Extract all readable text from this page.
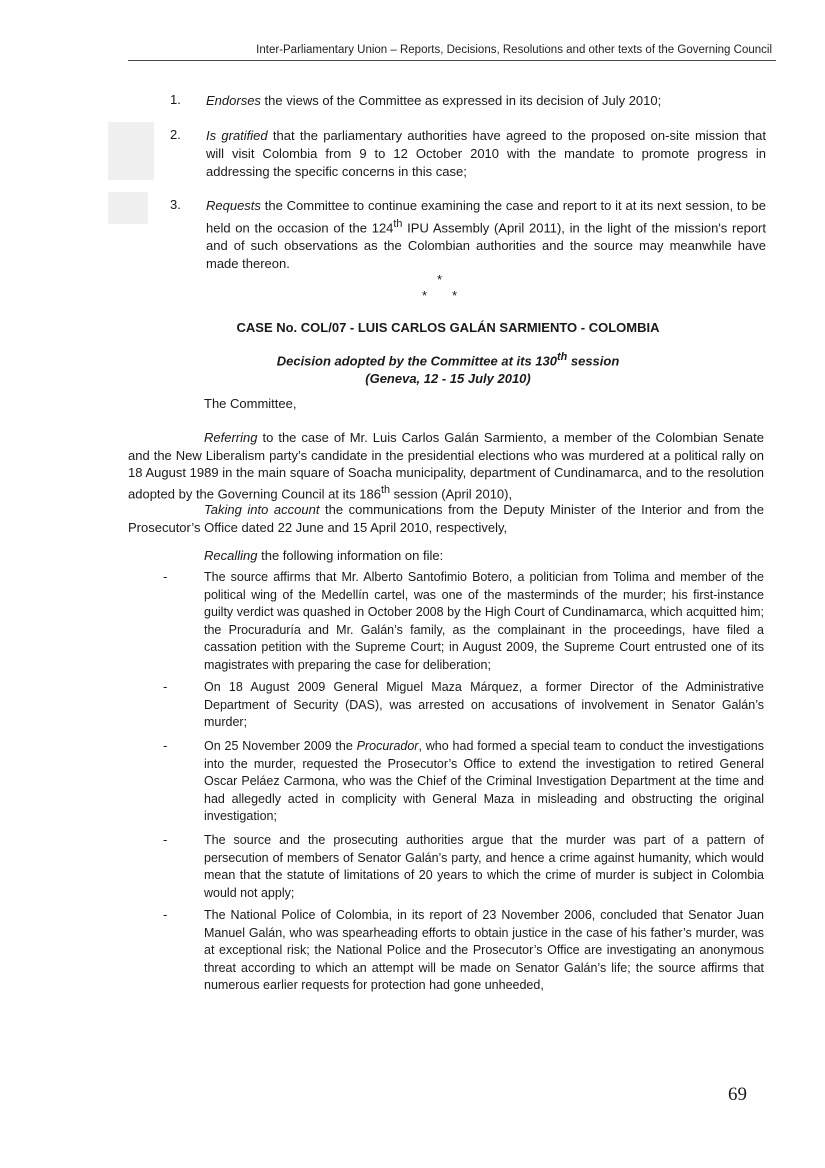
Inter-Parliamentary Union – Reports, Decisions, Resolutions and other texts of the Governing Council
1.	Endorses the views of the Committee as expressed in its decision of July 2010;
2.	Is gratified that the parliamentary authorities have agreed to the proposed on-site mission that will visit Colombia from 9 to 12 October 2010 with the mandate to promote progress in addressing the specific concerns in this case;
3.	Requests the Committee to continue examining the case and report to it at its next session, to be held on the occasion of the 124th IPU Assembly (April 2011), in the light of the mission's report and of such observations as the Colombian authorities and the source may meanwhile have made thereon.
*
* *
CASE No. COL/07 - LUIS CARLOS GALÁN SARMIENTO - COLOMBIA
Decision adopted by the Committee at its 130th session
(Geneva, 12 - 15 July 2010)
The Committee,
Referring to the case of Mr. Luis Carlos Galán Sarmiento, a member of the Colombian Senate and the New Liberalism party’s candidate in the presidential elections who was murdered at a political rally on 18 August 1989 in the main square of Soacha municipality, department of Cundinamarca, and to the resolution adopted by the Governing Council at its 186th session (April 2010),
Taking into account the communications from the Deputy Minister of the Interior and from the Prosecutor’s Office dated 22 June and 15 April 2010, respectively,
Recalling the following information on file:
-	The source affirms that Mr. Alberto Santofimio Botero, a politician from Tolima and member of the political wing of the Medellín cartel, was one of the masterminds of the murder; his first-instance guilty verdict was quashed in October 2008 by the High Court of Cundinamarca, which acquitted him; the Procuraduría and Mr. Galán’s family, as the complainant in the proceedings, have filed a cassation petition with the Supreme Court; in August 2009, the Supreme Court entrusted one of its magistrates with preparing the case for deliberation;
-	On 18 August 2009 General Miguel Maza Márquez, a former Director of the Administrative Department of Security (DAS), was arrested on accusations of involvement in Senator Galán’s murder;
-	On 25 November 2009 the Procurador, who had formed a special team to conduct the investigations into the murder, requested the Prosecutor’s Office to extend the investigation to retired General Oscar Peláez Carmona, who was the Chief of the Criminal Investigation Department at the time and had allegedly acted in complicity with General Maza in misleading and obstructing the original investigation;
-	The source and the prosecuting authorities argue that the murder was part of a pattern of persecution of members of Senator Galán’s party, and hence a crime against humanity, which would mean that the statute of limitations of 20 years to which the crime of murder is subject in Colombia would not apply;
-	The National Police of Colombia, in its report of 23 November 2006, concluded that Senator Juan Manuel Galán, who was spearheading efforts to obtain justice in the case of his father’s murder, was at exceptional risk; the National Police and the Prosecutor’s Office are investigating an anonymous threat according to which an attempt will be made on Senator Galán’s life; the source affirms that numerous earlier requests for protection had gone unheeded,
69
